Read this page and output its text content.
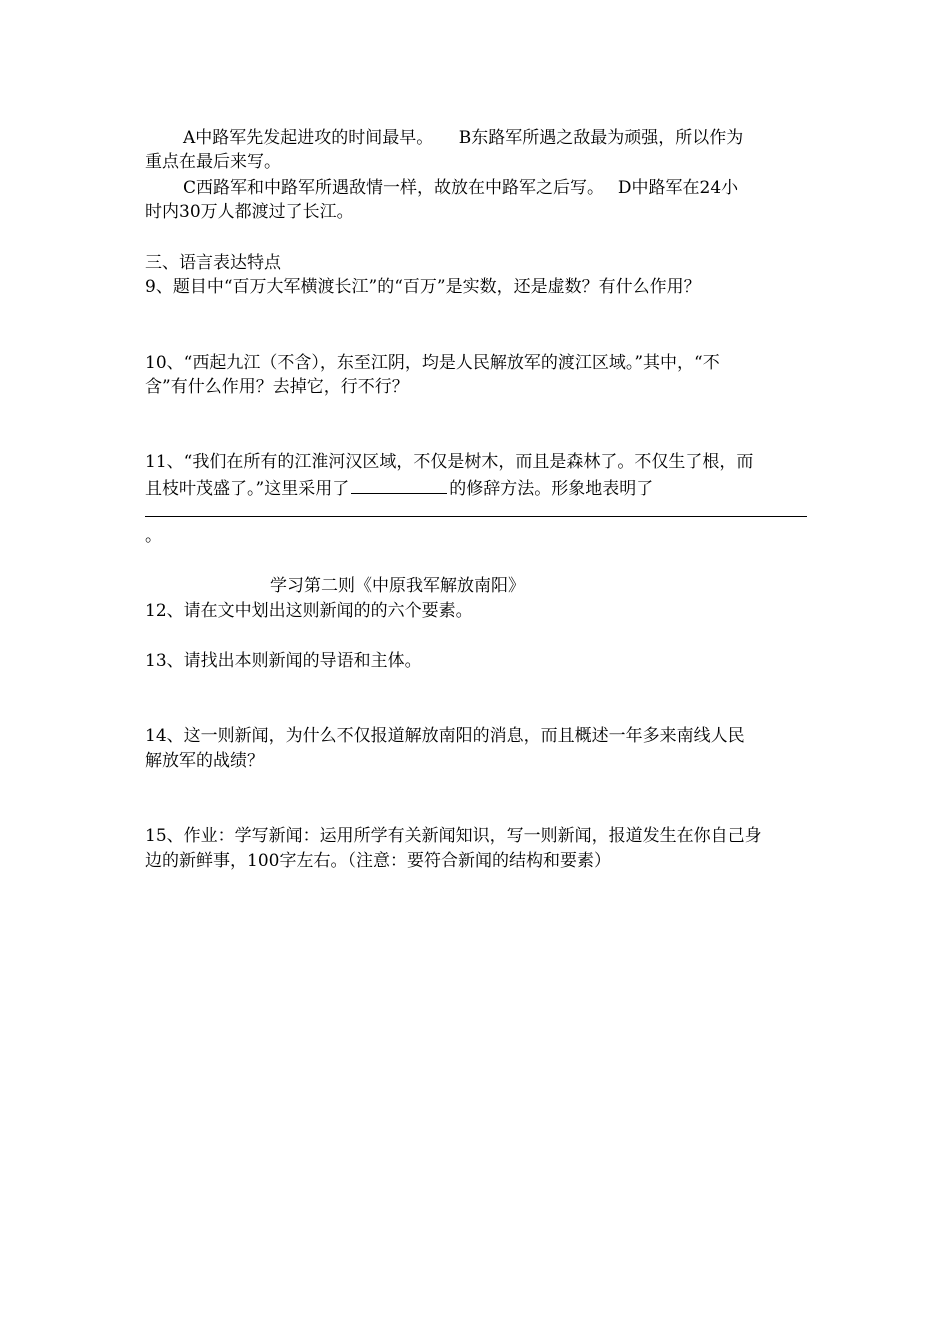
A中路军先发起进攻的时间最早。　　B东路军所遇之敌最为顽强，所以作为
重点在最后来写。
C西路军和中路军所遇敌情一样，故放在中路军之后写。　 D中路军在24小
时内30万人都渡过了长江。
三、语言表达特点
9、题目中“百万大军横渡长江”的“百万”是实数，还是虚数？有什么作用？
10、“西起九江（不含），东至江阴，均是人民解放军的渡江区域。”其中，“不
含”有什么作用？去掉它，行不行？
11、“我们在所有的江淮河汉区域，不仅是树木，而且是森林了。不仅生了根，而
且枝叶茂盛了。”这里采用了	的修辞方法。形象地表明了
。
学习第二则《中原我军解放南阳》
12、请在文中划出这则新闻的的六个要素。
13、请找出本则新闻的导语和主体。
14、这一则新闻，为什么不仅报道解放南阳的消息，而且概述一年多来南线人民
解放军的战绩？
15、作业：学写新闻：运用所学有关新闻知识，写一则新闻，报道发生在你自己身
边的新鲜事，100字左右。（注意：要符合新闻的结构和要素）
